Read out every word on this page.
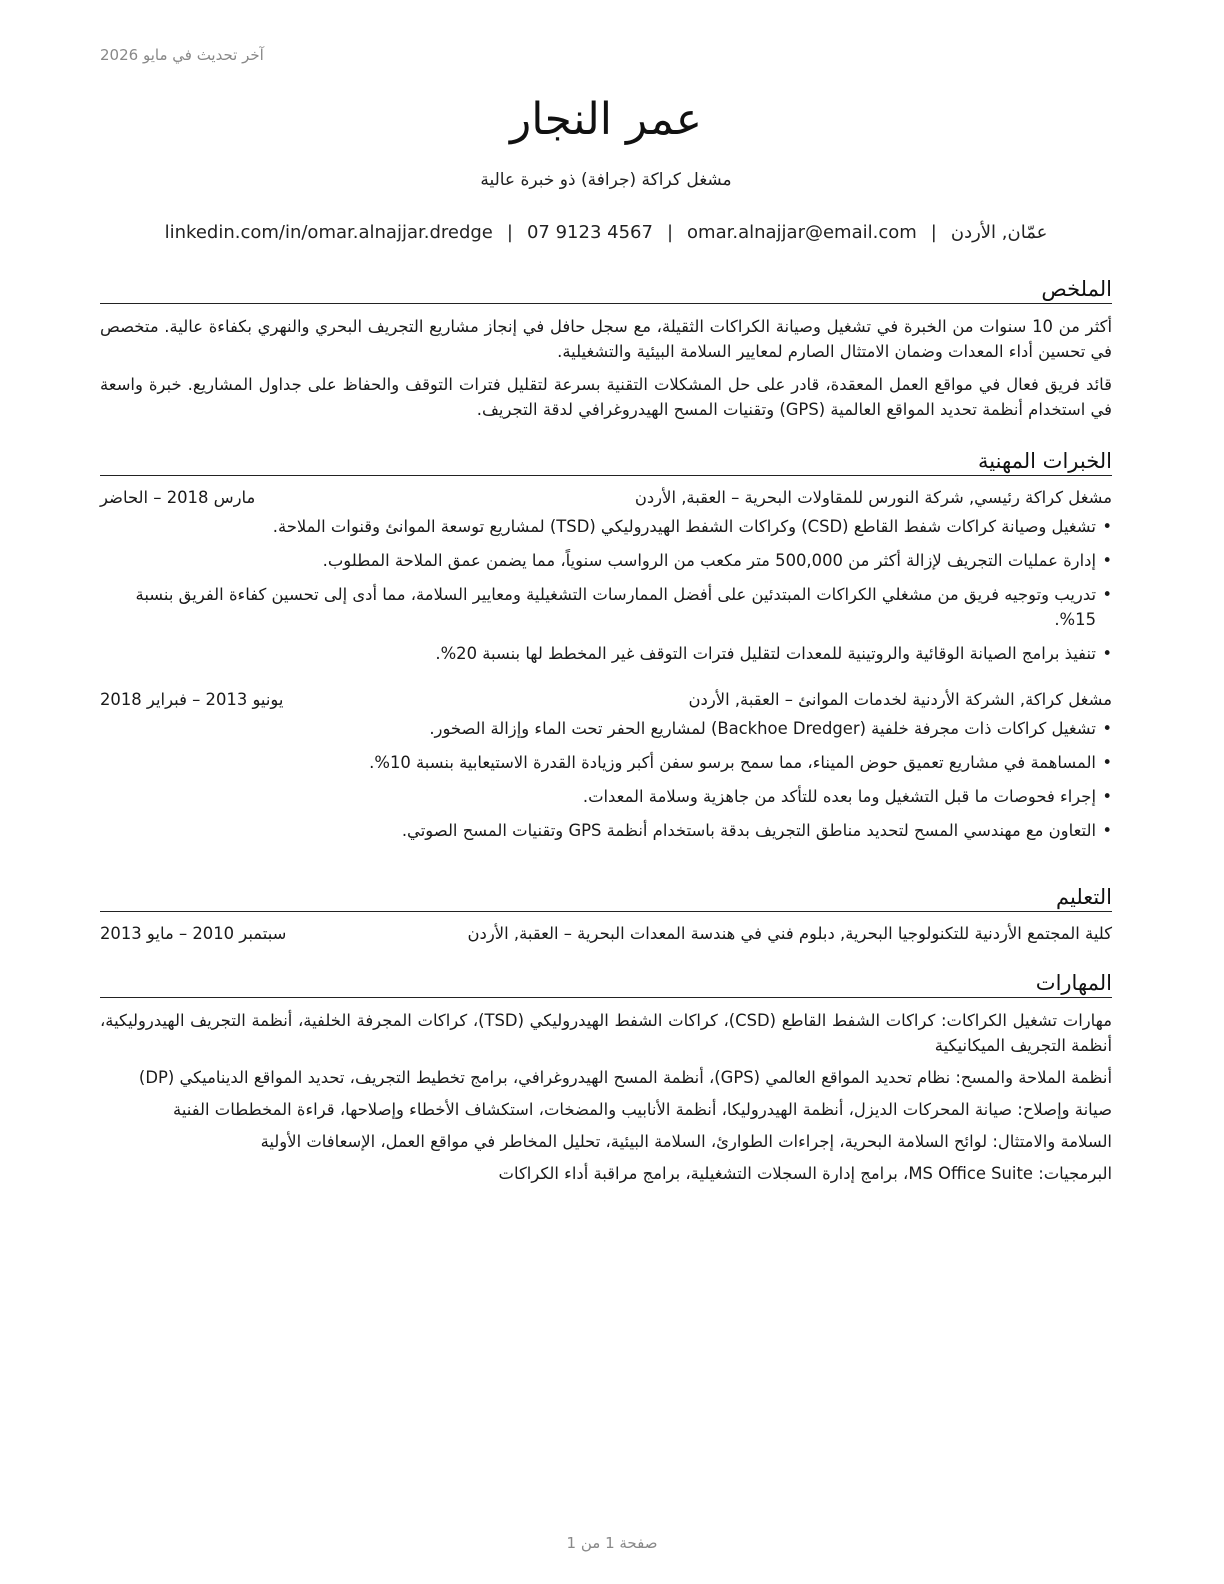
آخر تحديث في مايو 2026
عمر النجار
مشغل كراكة (جرافة) ذو خبرة عالية
عمّان, الأردن|omar.alnajjar@email.com|07 9123 4567|linkedin.com/in/omar.alnajjar.dredge
الملخص

أكثر من 10 سنوات من الخبرة في تشغيل وصيانة الكراكات الثقيلة، مع سجل حافل في إنجاز مشاريع التجريف البحري والنهري بكفاءة عالية. متخصص في تحسين أداء المعدات وضمان الامتثال الصارم لمعايير السلامة البيئية والتشغيلية.

قائد فريق فعال في مواقع العمل المعقدة، قادر على حل المشكلات التقنية بسرعة لتقليل فترات التوقف والحفاظ على جداول المشاريع. خبرة واسعة في استخدام أنظمة تحديد المواقع العالمية (GPS) وتقنيات المسح الهيدروغرافي لدقة التجريف.

الخبرات المهنية
مشغل كراكة رئيسي, شركة النورس للمقاولات البحرية – العقبة, الأردن
مارس 2018 – الحاضر
• تشغيل وصيانة كراكات شفط القاطع (CSD) وكراكات الشفط الهيدروليكي (TSD) لمشاريع توسعة الموانئ وقنوات الملاحة.
• إدارة عمليات التجريف لإزالة أكثر من 500,000 متر مكعب من الرواسب سنوياً، مما يضمن عمق الملاحة المطلوب.
• تدريب وتوجيه فريق من مشغلي الكراكات المبتدئين على أفضل الممارسات التشغيلية ومعايير السلامة، مما أدى إلى تحسين كفاءة الفريق بنسبة 15%.
• تنفيذ برامج الصيانة الوقائية والروتينية للمعدات لتقليل فترات التوقف غير المخطط لها بنسبة 20%.
مشغل كراكة, الشركة الأردنية لخدمات الموانئ – العقبة, الأردن
يونيو 2013 – فبراير 2018
• تشغيل كراكات ذات مجرفة خلفية (Backhoe Dredger) لمشاريع الحفر تحت الماء وإزالة الصخور.
• المساهمة في مشاريع تعميق حوض الميناء، مما سمح برسو سفن أكبر وزيادة القدرة الاستيعابية بنسبة 10%.
• إجراء فحوصات ما قبل التشغيل وما بعده للتأكد من جاهزية وسلامة المعدات.
• التعاون مع مهندسي المسح لتحديد مناطق التجريف بدقة باستخدام أنظمة GPS وتقنيات المسح الصوتي.
التعليم
كلية المجتمع الأردنية للتكنولوجيا البحرية, دبلوم فني في هندسة المعدات البحرية – العقبة, الأردن
سبتمبر 2010 – مايو 2013
المهارات

مهارات تشغيل الكراكات: كراكات الشفط القاطع (CSD)، كراكات الشفط الهيدروليكي (TSD)، كراكات المجرفة الخلفية، أنظمة التجريف الهيدروليكية، أنظمة التجريف الميكانيكية

أنظمة الملاحة والمسح: نظام تحديد المواقع العالمي (GPS)، أنظمة المسح الهيدروغرافي، برامج تخطيط التجريف، تحديد المواقع الديناميكي (DP)

صيانة وإصلاح: صيانة المحركات الديزل، أنظمة الهيدروليكا، أنظمة الأنابيب والمضخات، استكشاف الأخطاء وإصلاحها، قراءة المخططات الفنية

السلامة والامتثال: لوائح السلامة البحرية، إجراءات الطوارئ، السلامة البيئية، تحليل المخاطر في مواقع العمل، الإسعافات الأولية

البرمجيات: MS Office Suite، برامج إدارة السجلات التشغيلية، برامج مراقبة أداء الكراكات

صفحة 1 من 1
